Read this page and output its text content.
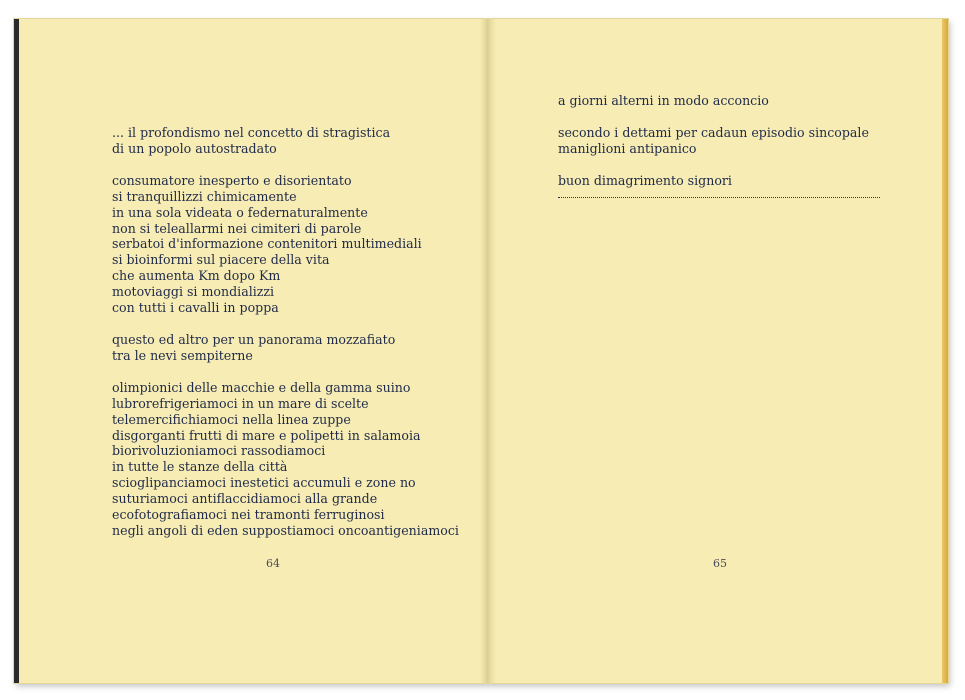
... il profondismo nel concetto di stragistica
di un popolo autostradato
consumatore inesperto e disorientato
si tranquillizzi chimicamente
in una sola videata o federnaturalmente
non si teleallarmi nei cimiteri di parole
serbatoi d'informazione contenitori multimediali
si bioinformi sul piacere della vita
che aumenta Km dopo Km
motoviaggi si mondializzi
con tutti i cavalli in poppa
questo ed altro per un panorama mozzafiato
tra le nevi sempiterne
olimpionici delle macchie e della gamma suino
lubrorefrigeriamoci in un mare di scelte
telemercifichiamoci nella linea zuppe
disgorganti frutti di mare e polipetti in salamoia
biorivoluzioniamoci rassodiamoci
in tutte le stanze della città
scioglipanciamoci inestetici accumuli e zone no
suturiamoci antiflaccidiamoci alla grande
ecofotografiamoci nei tramonti ferruginosi
negli angoli di eden suppostiamoci oncoantigeniamoci
64
a giorni alterni in modo acconcio
secondo i dettami per cadaun episodio sincopale
maniglioni antipanico
buon dimagrimento signori
65
